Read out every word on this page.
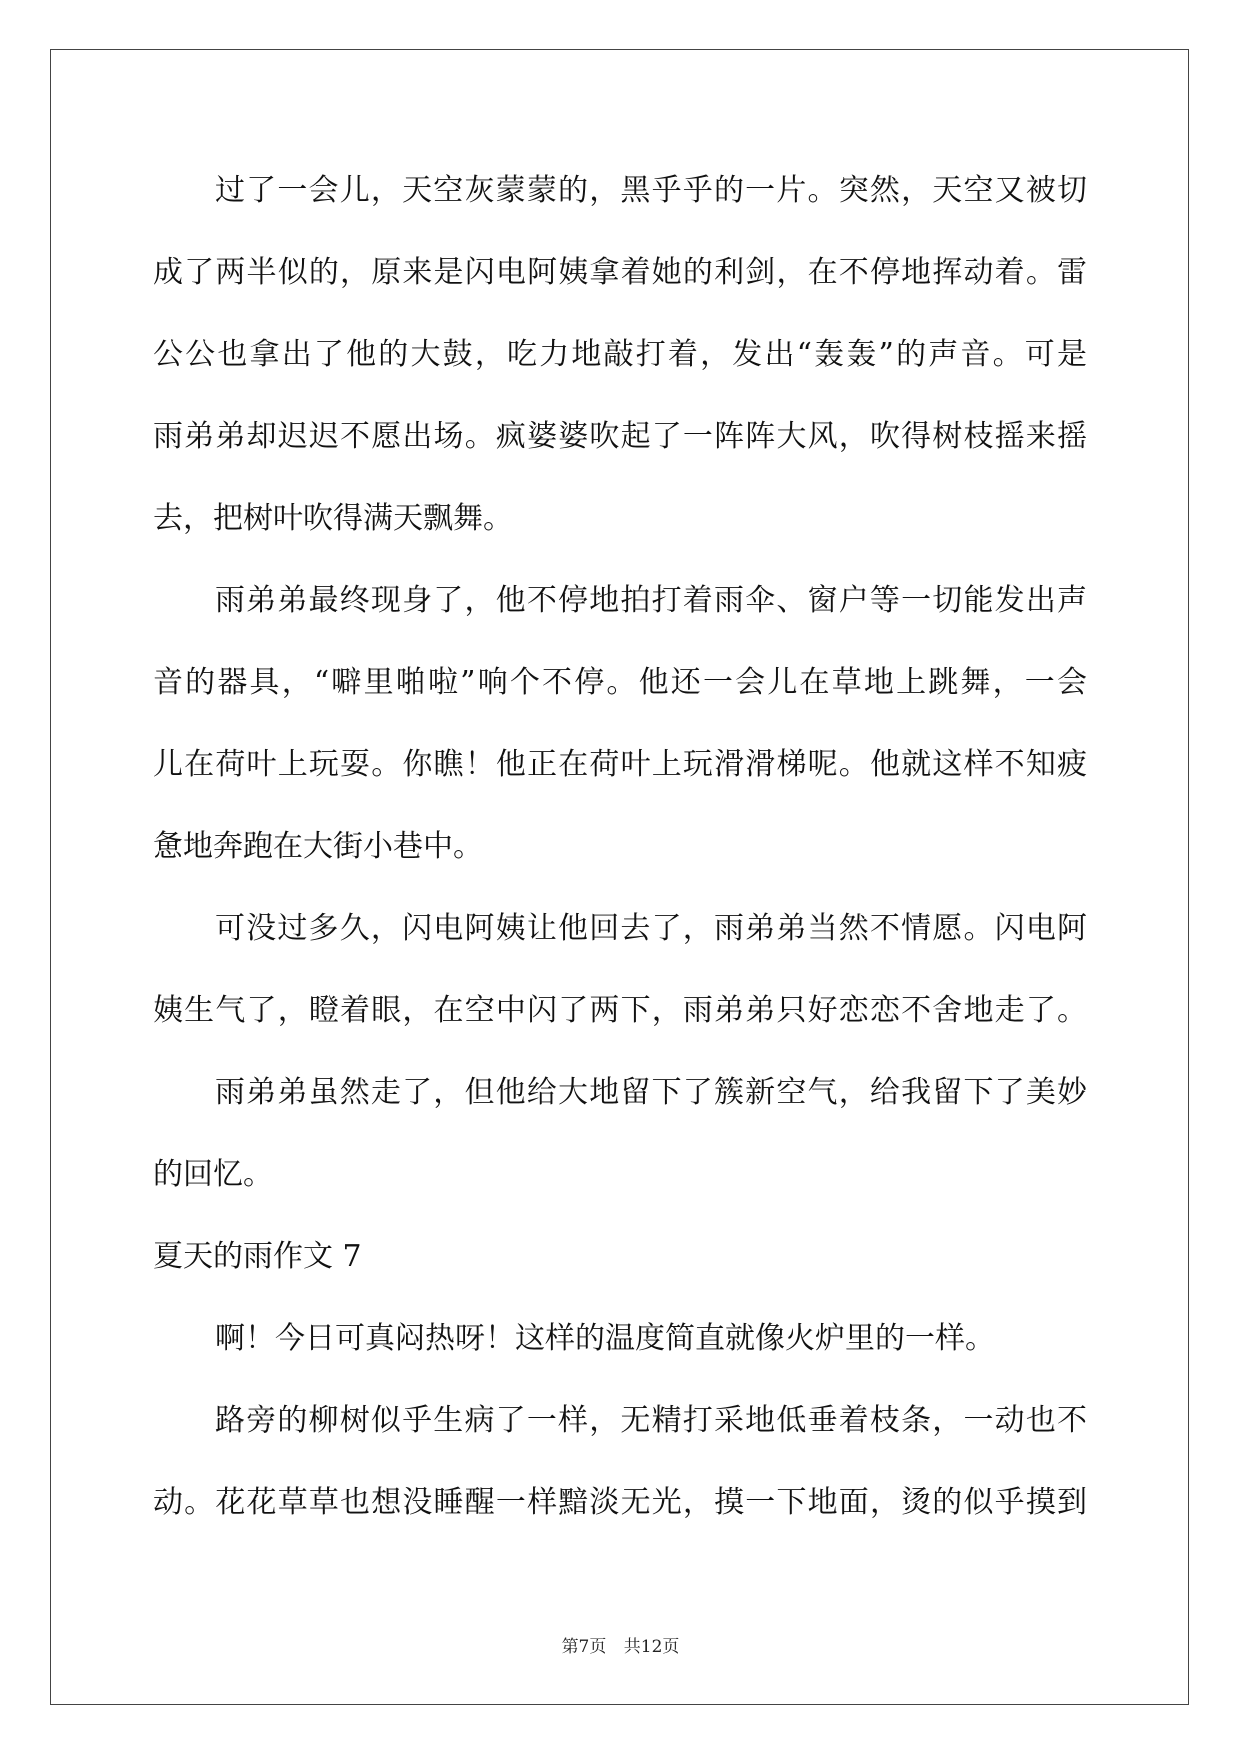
过了一会儿，天空灰蒙蒙的，黑乎乎的一片。突然，天空又被切
成了两半似的，原来是闪电阿姨拿着她的利剑，在不停地挥动着。雷
公公也拿出了他的大鼓，吃力地敲打着，发出“轰轰”的声音。可是
雨弟弟却迟迟不愿出场。疯婆婆吹起了一阵阵大风，吹得树枝摇来摇
去，把树叶吹得满天飘舞。
雨弟弟最终现身了，他不停地拍打着雨伞、窗户等一切能发出声
音的器具，“噼里啪啦”响个不停。他还一会儿在草地上跳舞，一会
儿在荷叶上玩耍。你瞧！他正在荷叶上玩滑滑梯呢。他就这样不知疲
惫地奔跑在大街小巷中。
可没过多久，闪电阿姨让他回去了，雨弟弟当然不情愿。闪电阿
姨生气了，瞪着眼，在空中闪了两下，雨弟弟只好恋恋不舍地走了。
雨弟弟虽然走了，但他给大地留下了簇新空气，给我留下了美妙
的回忆。
夏天的雨作文 7
啊！今日可真闷热呀！这样的温度简直就像火炉里的一样。
路旁的柳树似乎生病了一样，无精打采地低垂着枝条，一动也不
动。花花草草也想没睡醒一样黯淡无光，摸一下地面，烫的似乎摸到
第7页 共12页
